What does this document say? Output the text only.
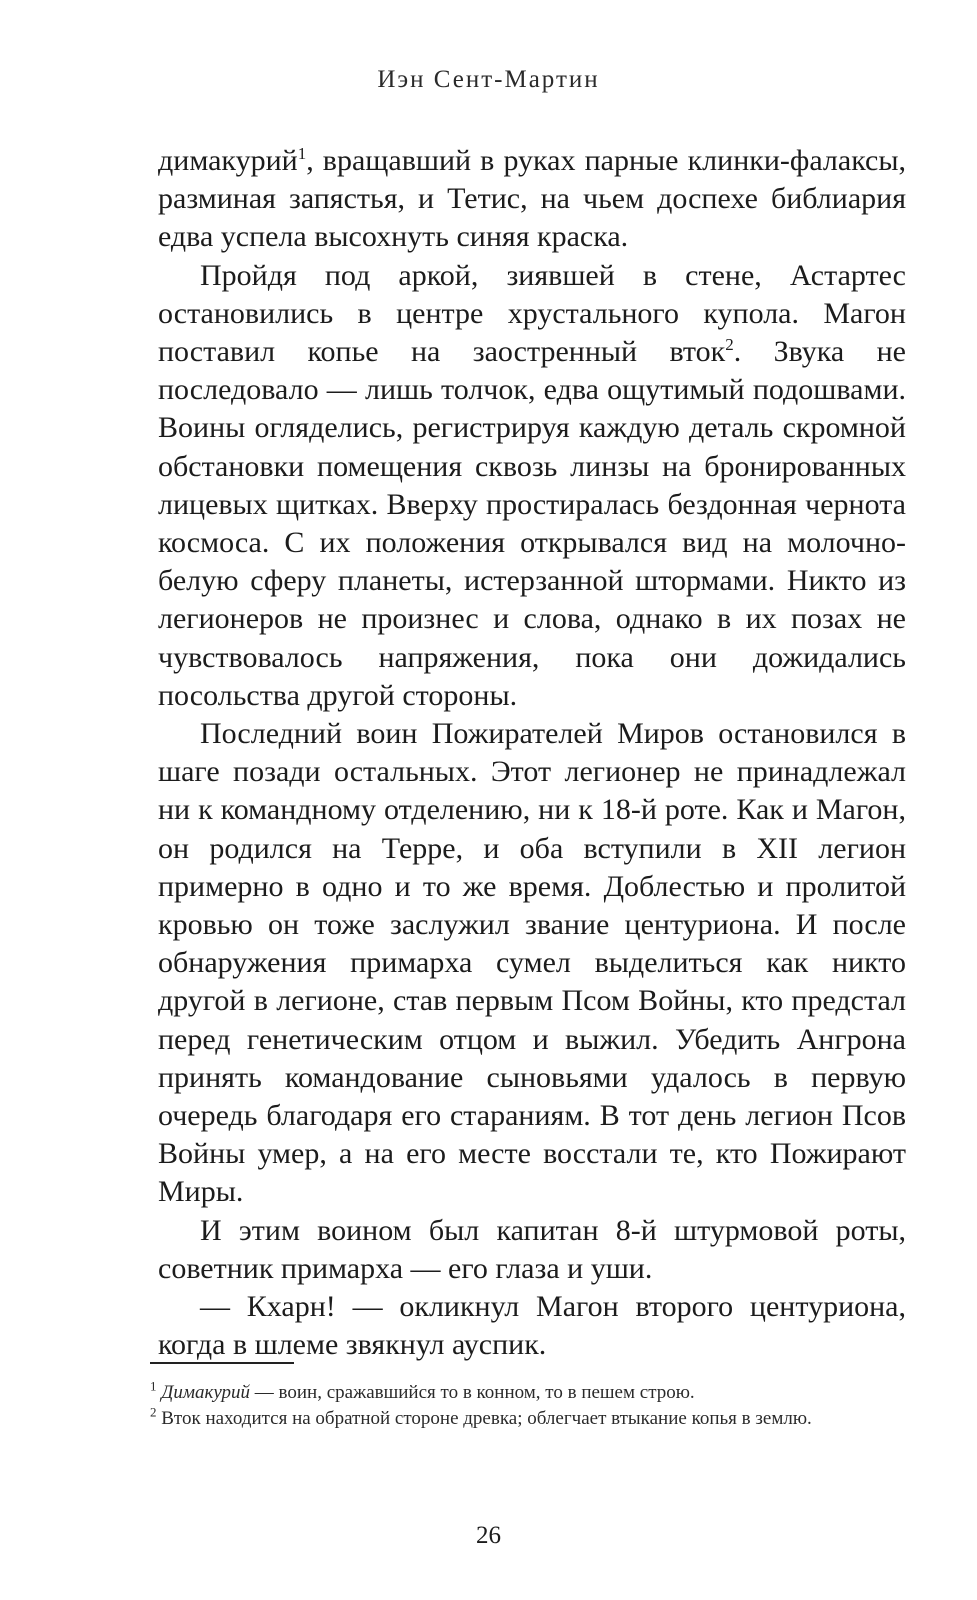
Иэн Сент-Мартин

димакурий$^1$, вращавший в руках парные клинки-фалаксы, разминая запястья, и Тетис, на чьем доспехе библиария едва успела высохнуть синяя краска.

Пройдя под аркой, зиявшей в стене, Астартес остановились в центре хрустального купола. Магон поставил копье на заостренный вток$^2$. Звука не последовало — лишь толчок, едва ощутимый подошвами. Воины огляделись, регистрируя каждую деталь скромной обстановки помещения сквозь линзы на бронированных лицевых щитках. Вверху простиралась бездонная чернота космоса. С их положения открывался вид на молочно-белую сферу планеты, истерзанной штормами. Никто из легионеров не произнес и слова, однако в их позах не чувствовалось напряжения, пока они дожидались посольства другой стороны.

Последний воин Пожирателей Миров остановился в шаге позади остальных. Этот легионер не принадлежал ни к командному отделению, ни к 18-й роте. Как и Магон, он родился на Терре, и оба вступили в XII легион примерно в одно и то же время. Доблестью и пролитой кровью он тоже заслужил звание центуриона. И после обнаружения примарха сумел выделиться как никто другой в легионе, став первым Псом Войны, кто предстал перед генетическим отцом и выжил. Убедить Ангрона принять командование сыновьями удалось в первую очередь благодаря его стараниям. В тот день легион Псов Войны умер, а на его месте восстали те, кто Пожирают Миры.

И этим воином был капитан 8-й штурмовой роты, советник примарха — его глаза и уши.

— Кхарн! — окликнул Магон второго центуриона, когда в шлеме звякнул ауспик.

$^1$ Димакурий — воин, сражавшийся то в конном, то в пешем строю.

$^2$ Вток находится на обратной стороне древка; облегчает втыкание копья в землю.

26
